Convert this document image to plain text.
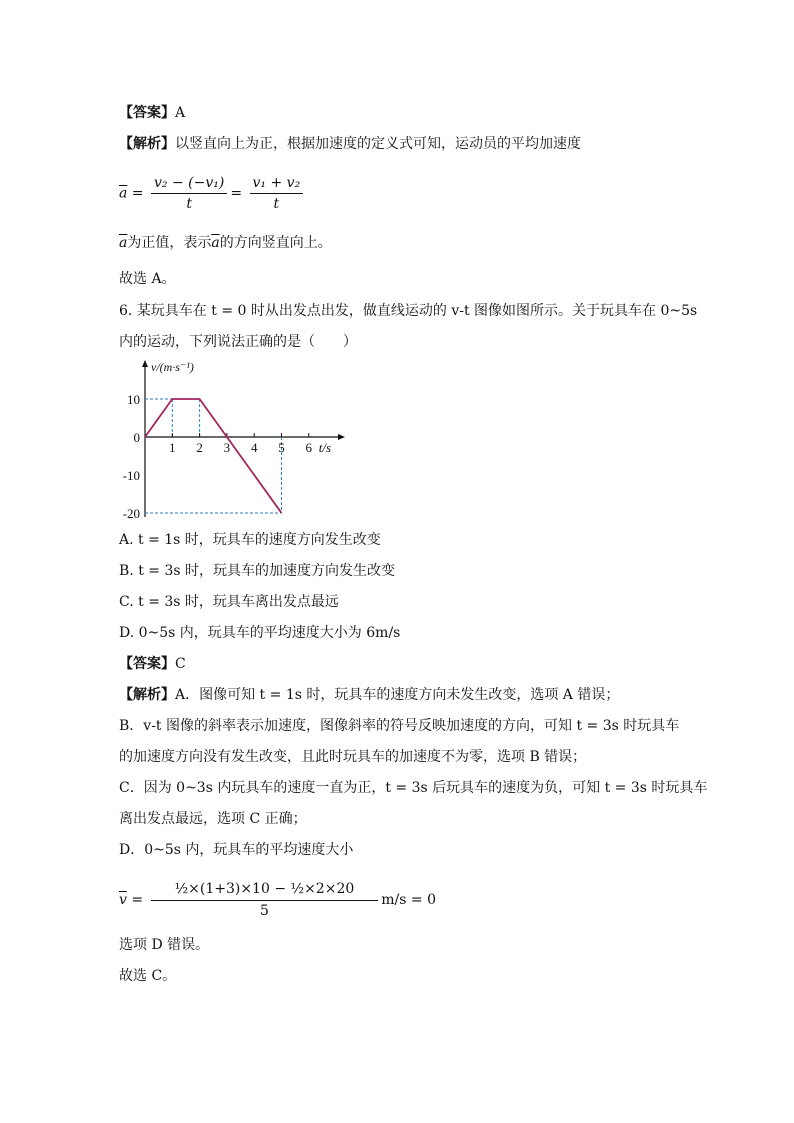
【答案】A
【解析】以竖直向上为正，根据加速度的定义式可知，运动员的平均加速度
$\overline{a} = \frac{\text{v₂ − (−v₁)}}{t} = \frac{\text{v₁ + v₂}}{t}$
$\overline{a}$为正值，表示$\overline{a}$的方向竖直向上。
故选 A。
6. 某玩具车在 t = 0 时从出发点出发，做直线运动的 v-t 图像如图所示。关于玩具车在 0~5s
内的运动，下列说法正确的是（　　）
1 2 3 4 5 6
10
0
-10
-20
v/(m·s⁻¹)
t/s
A. t = 1s 时，玩具车的速度方向发生改变
B. t = 3s 时，玩具车的加速度方向发生改变
C. t = 3s 时，玩具车离出发点最远
D. 0~5s 内，玩具车的平均速度大小为 6m/s
【答案】C
【解析】A．图像可知 t = 1s 时，玩具车的速度方向未发生改变，选项 A 错误；
B．v-t 图像的斜率表示加速度，图像斜率的符号反映加速度的方向，可知 t = 3s 时玩具车
的加速度方向没有发生改变，且此时玩具车的加速度不为零，选项 B 错误；
C．因为 0~3s 内玩具车的速度一直为正，t = 3s 后玩具车的速度为负，可知 t = 3s 时玩具车
离出发点最远，选项 C 正确；
D．0~5s 内，玩具车的平均速度大小
$\overline{v} = \frac{\text{½×(1+3)×10 − ½×2×20}}{5} m/s = 0$
选项 D 错误。
故选 C。
